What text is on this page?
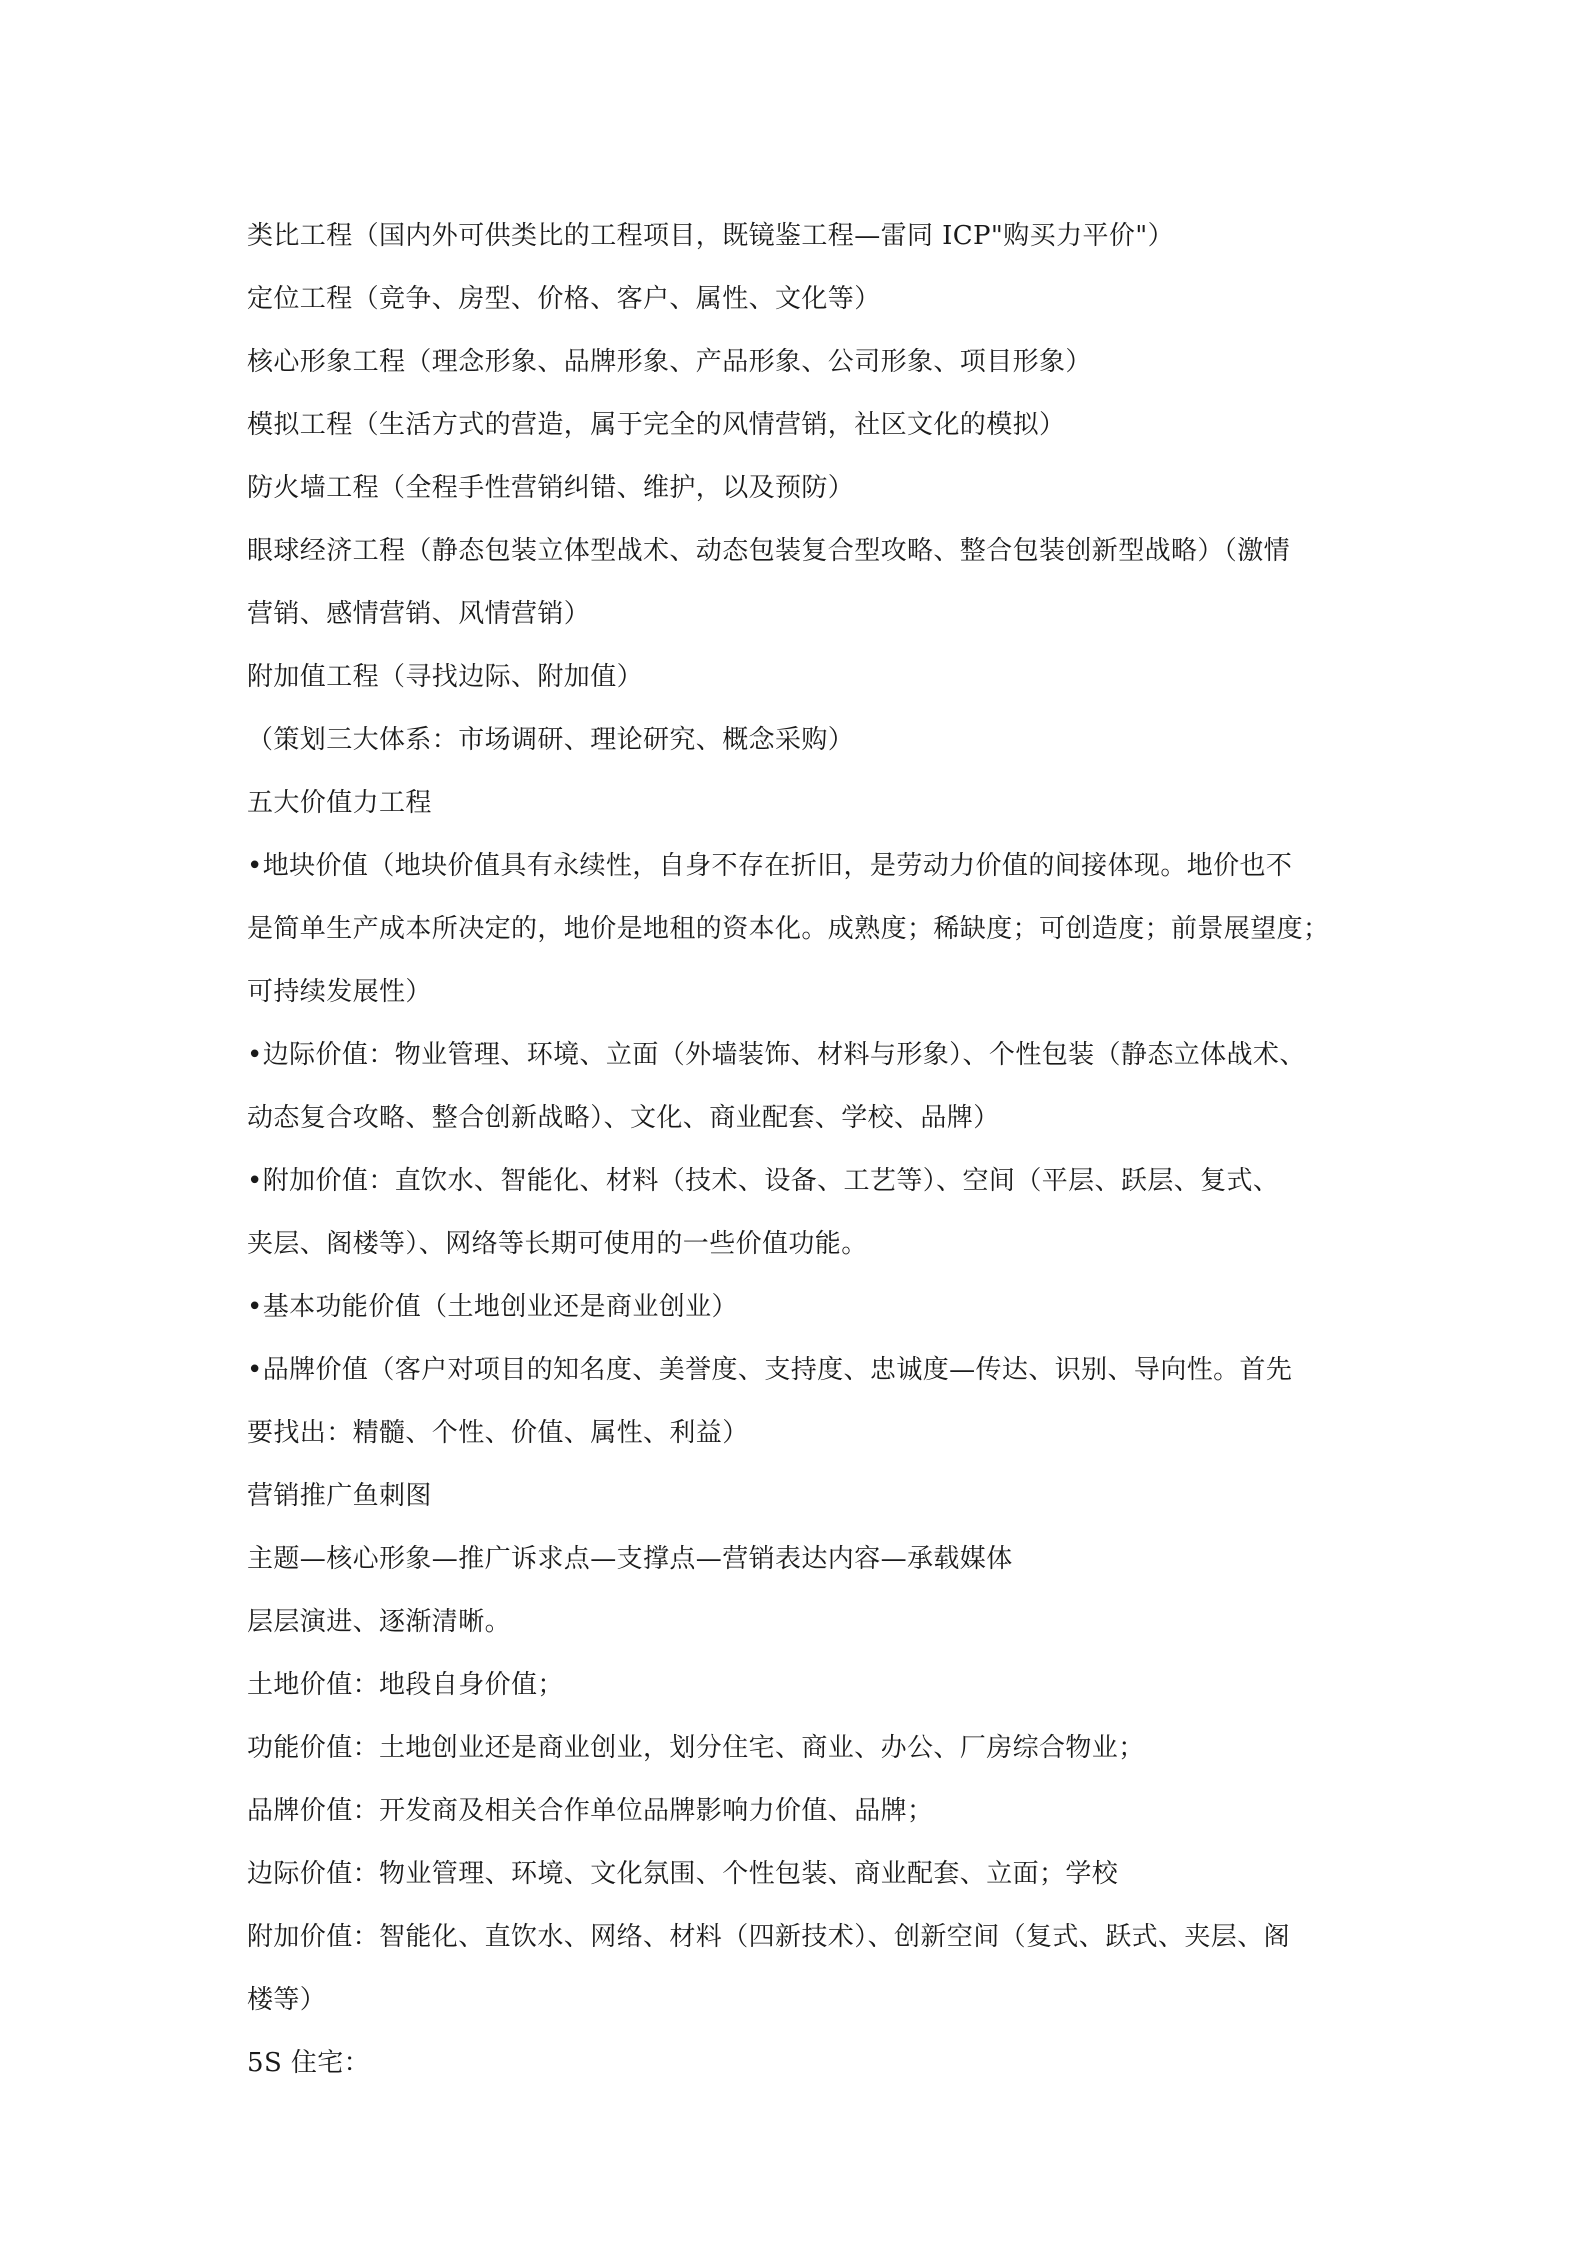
类比工程（国内外可供类比的工程项目，既镜鉴工程—雷同 ICP"购买力平价"）
定位工程（竞争、房型、价格、客户、属性、文化等）
核心形象工程（理念形象、品牌形象、产品形象、公司形象、项目形象）
模拟工程（生活方式的营造，属于完全的风情营销，社区文化的模拟）
防火墙工程（全程手性营销纠错、维护，以及预防）
眼球经济工程（静态包装立体型战术、动态包装复合型攻略、整合包装创新型战略）（激情
营销、感情营销、风情营销）
附加值工程（寻找边际、附加值）
（策划三大体系：市场调研、理论研究、概念采购）
五大价值力工程
•地块价值（地块价值具有永续性，自身不存在折旧，是劳动力价值的间接体现。地价也不
是简单生产成本所决定的，地价是地租的资本化。成熟度；稀缺度；可创造度；前景展望度；
可持续发展性）
•边际价值：物业管理、环境、立面（外墙装饰、材料与形象）、个性包装（静态立体战术、
动态复合攻略、整合创新战略）、文化、商业配套、学校、品牌）
•附加价值：直饮水、智能化、材料（技术、设备、工艺等）、空间（平层、跃层、复式、
夹层、阁楼等）、网络等长期可使用的一些价值功能。
•基本功能价值（土地创业还是商业创业）
•品牌价值（客户对项目的知名度、美誉度、支持度、忠诚度—传达、识别、导向性。首先
要找出：精髓、个性、价值、属性、利益）
营销推广鱼刺图
主题—核心形象—推广诉求点—支撑点—营销表达内容—承载媒体
层层演进、逐渐清晰。
土地价值：地段自身价值；
功能价值：土地创业还是商业创业，划分住宅、商业、办公、厂房综合物业；
品牌价值：开发商及相关合作单位品牌影响力价值、品牌；
边际价值：物业管理、环境、文化氛围、个性包装、商业配套、立面；学校
附加价值：智能化、直饮水、网络、材料（四新技术）、创新空间（复式、跃式、夹层、阁
楼等）
5S 住宅：
